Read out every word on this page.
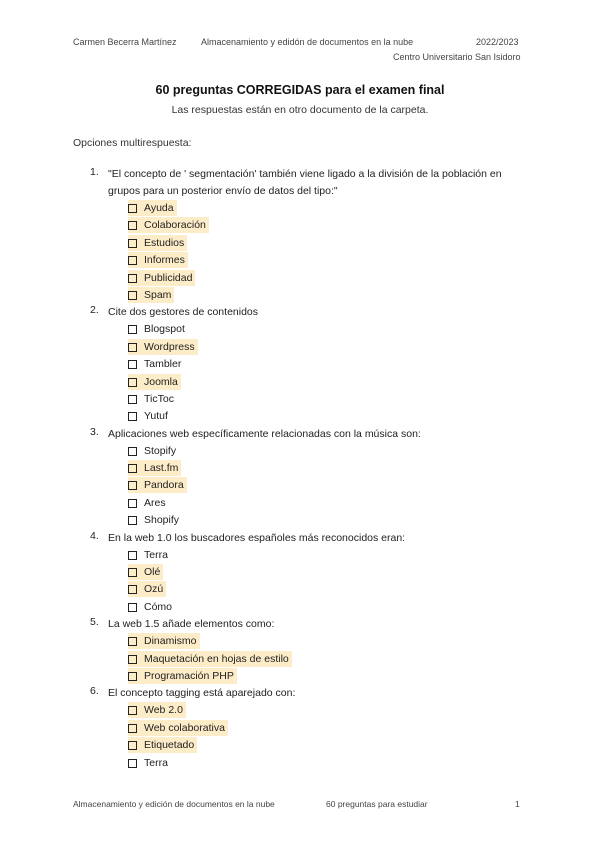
Carmen Becerra Martínez	Almacenamiento y edidón de documentos en la nube	2022/2023
Centro Universitario San Isidoro
60 preguntas CORREGIDAS para el examen final
Las respuestas están en otro documento de la carpeta.
Opciones multirespuesta:
1. "El concepto de ' segmentación' también viene ligado a la división de la población en grupos para un posterior envío de datos del tipo:"
Ayuda
Colaboración
Estudios
Informes
Publicidad
Spam
2. Cite dos gestores de contenidos
Blogspot
Wordpress
Tambler
Joomla
TicToc
Yutuf
3. Aplicaciones web específicamente relacionadas con la música son:
Stopify
Last.fm
Pandora
Ares
Shopify
4. En la web 1.0 los buscadores españoles más reconocidos eran:
Terra
Olé
Ozú
Cómo
5. La web 1.5 añade elementos como:
Dinamismo
Maquetación en hojas de estilo
Programación PHP
6. El concepto tagging está aparejado con:
Web 2.0
Web colaborativa
Etiquetado
Terra
Almacenamiento y edición de documentos en la nube	60 preguntas para estudiar	1
